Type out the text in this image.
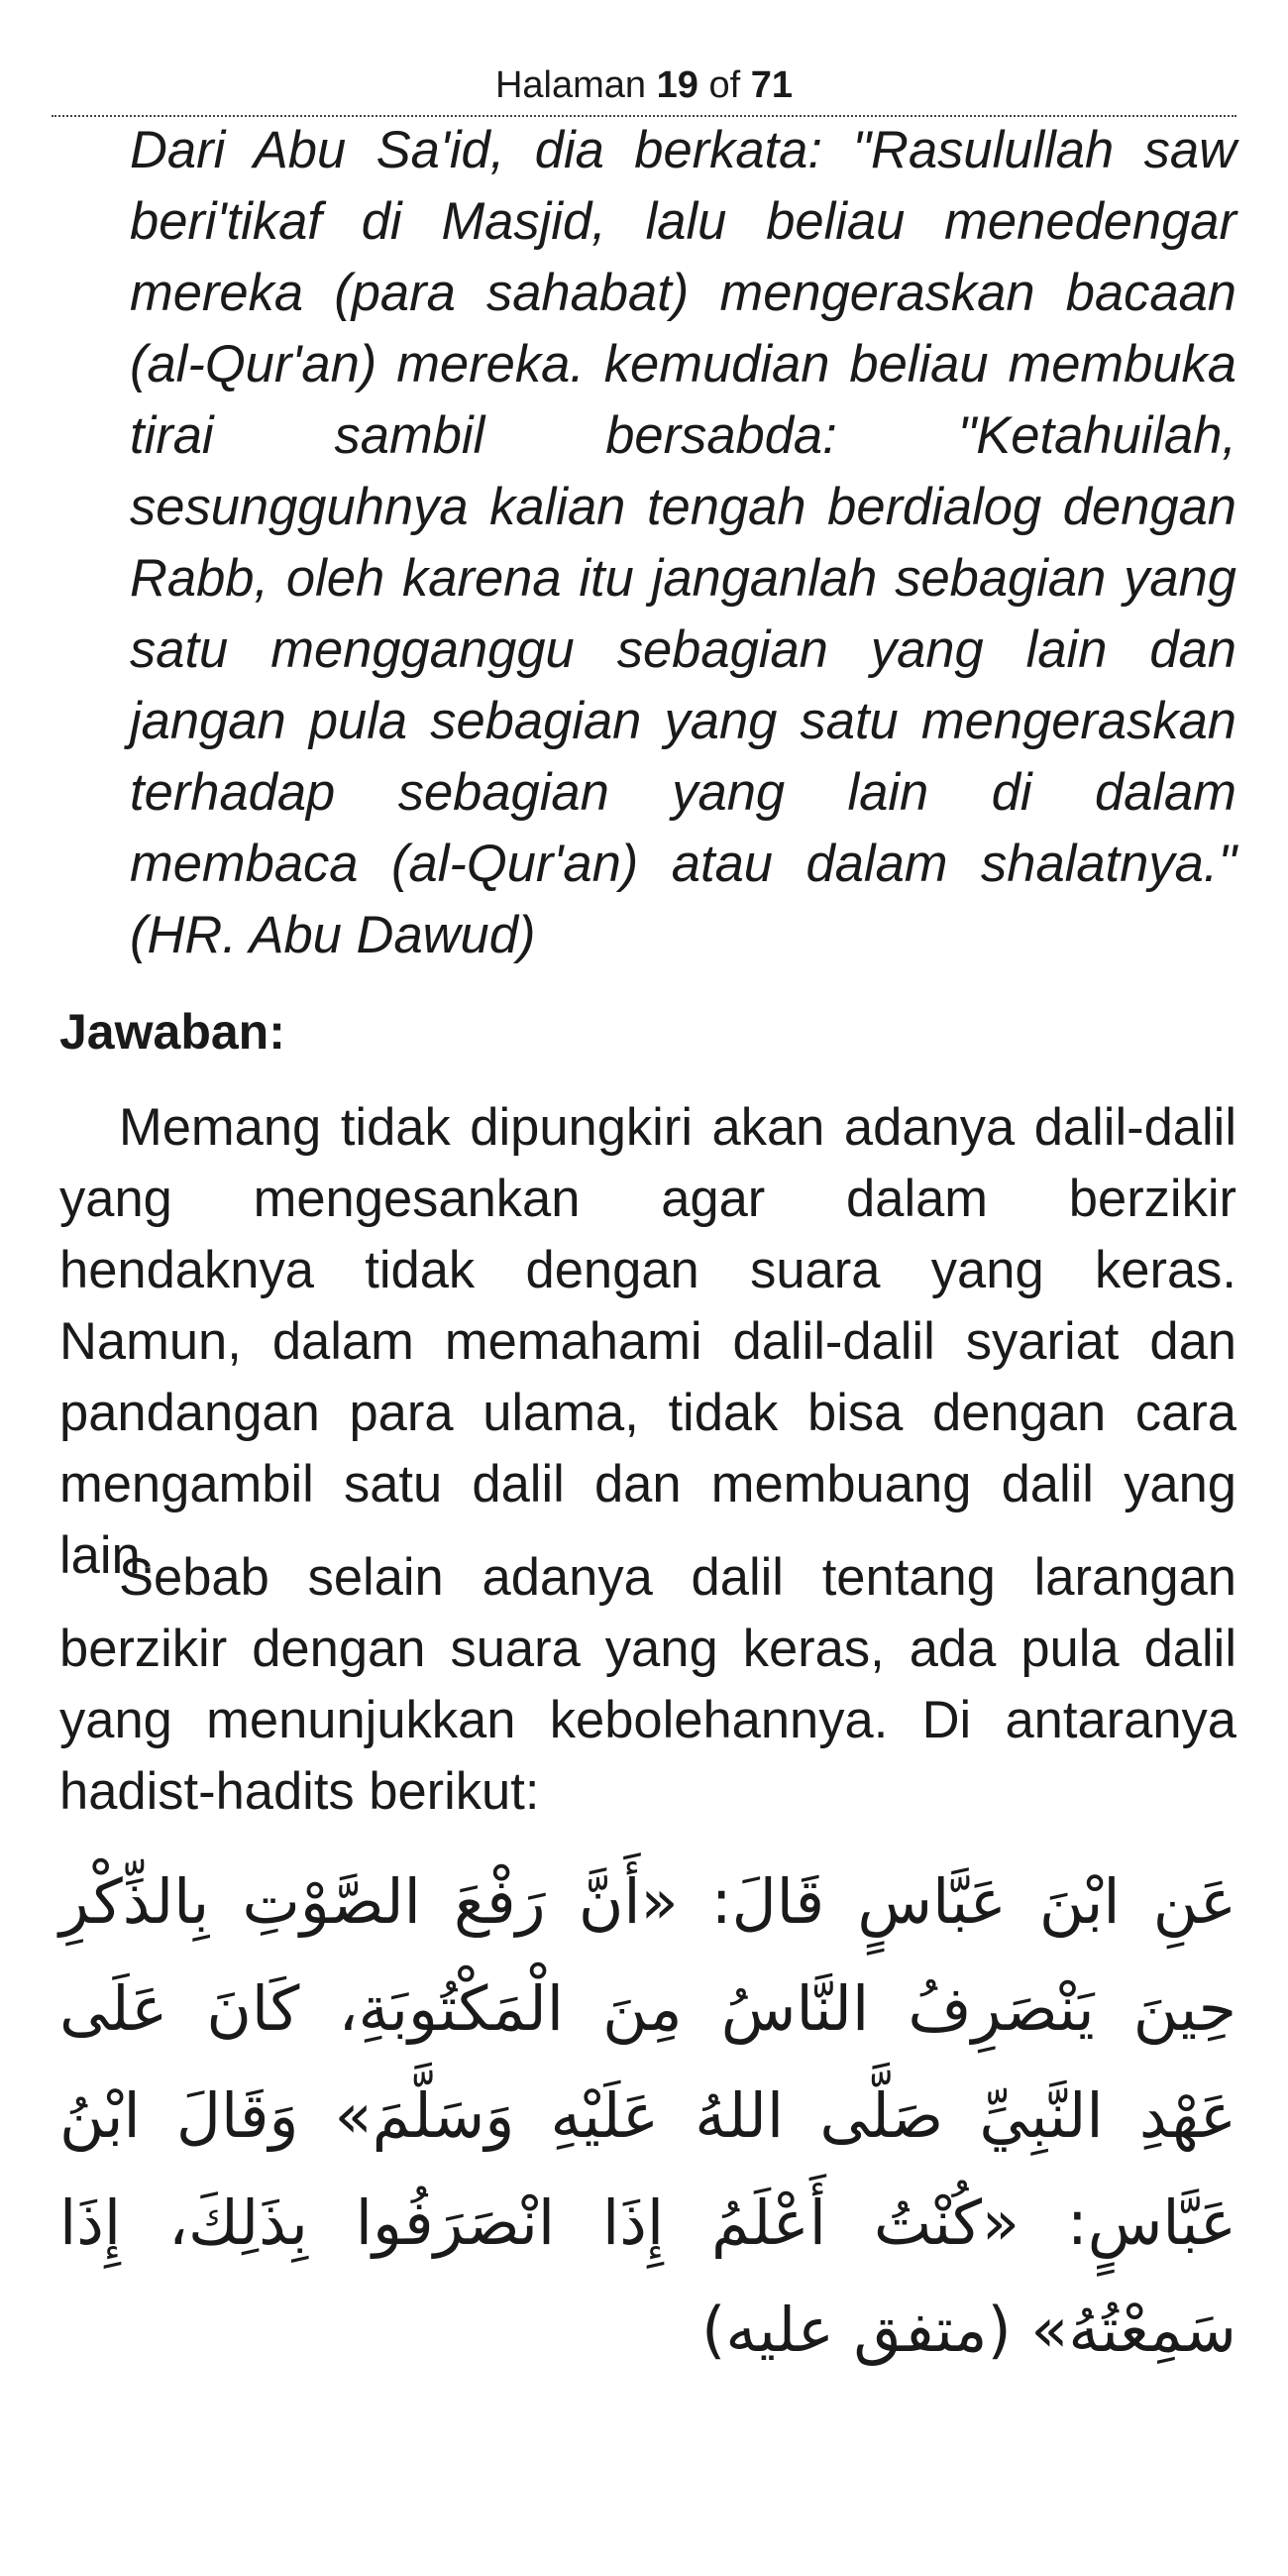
Halaman 19 of 71

Dari Abu Sa'id, dia berkata: "Rasulullah saw beri'tikaf di Masjid, lalu beliau menedengar mereka (para sahabat) mengeraskan bacaan (al-Qur'an) mereka. kemudian beliau membuka tirai sambil bersabda: "Ketahuilah, sesungguhnya kalian tengah berdialog dengan Rabb, oleh karena itu janganlah sebagian yang satu mengganggu sebagian yang lain dan jangan pula sebagian yang satu mengeraskan terhadap sebagian yang lain di dalam membaca (al-Qur'an) atau dalam shalatnya." (HR. Abu Dawud)

Jawaban:

Memang tidak dipungkiri akan adanya dalil-dalil yang mengesankan agar dalam berzikir hendaknya tidak dengan suara yang keras. Namun, dalam memahami dalil-dalil syariat dan pandangan para ulama, tidak bisa dengan cara mengambil satu dalil dan membuang dalil yang lain.

Sebab selain adanya dalil tentang larangan berzikir dengan suara yang keras, ada pula dalil yang menunjukkan kebolehannya. Di antaranya hadist-hadits berikut:

عَنِ ابْنَ عَبَّاسٍ قَالَ: «أَنَّ رَفْعَ الصَّوْتِ بِالذِّكْرِ حِينَ يَنْصَرِفُ النَّاسُ مِنَ الْمَكْتُوبَةِ، كَانَ عَلَى عَهْدِ النَّبِيِّ صَلَّى اللهُ عَلَيْهِ وَسَلَّمَ» وَقَالَ ابْنُ عَبَّاسٍ: «كُنْتُ أَعْلَمُ إِذَا انْصَرَفُوا بِذَلِكَ، إِذَا سَمِعْتُهُ» (متفق عليه)
